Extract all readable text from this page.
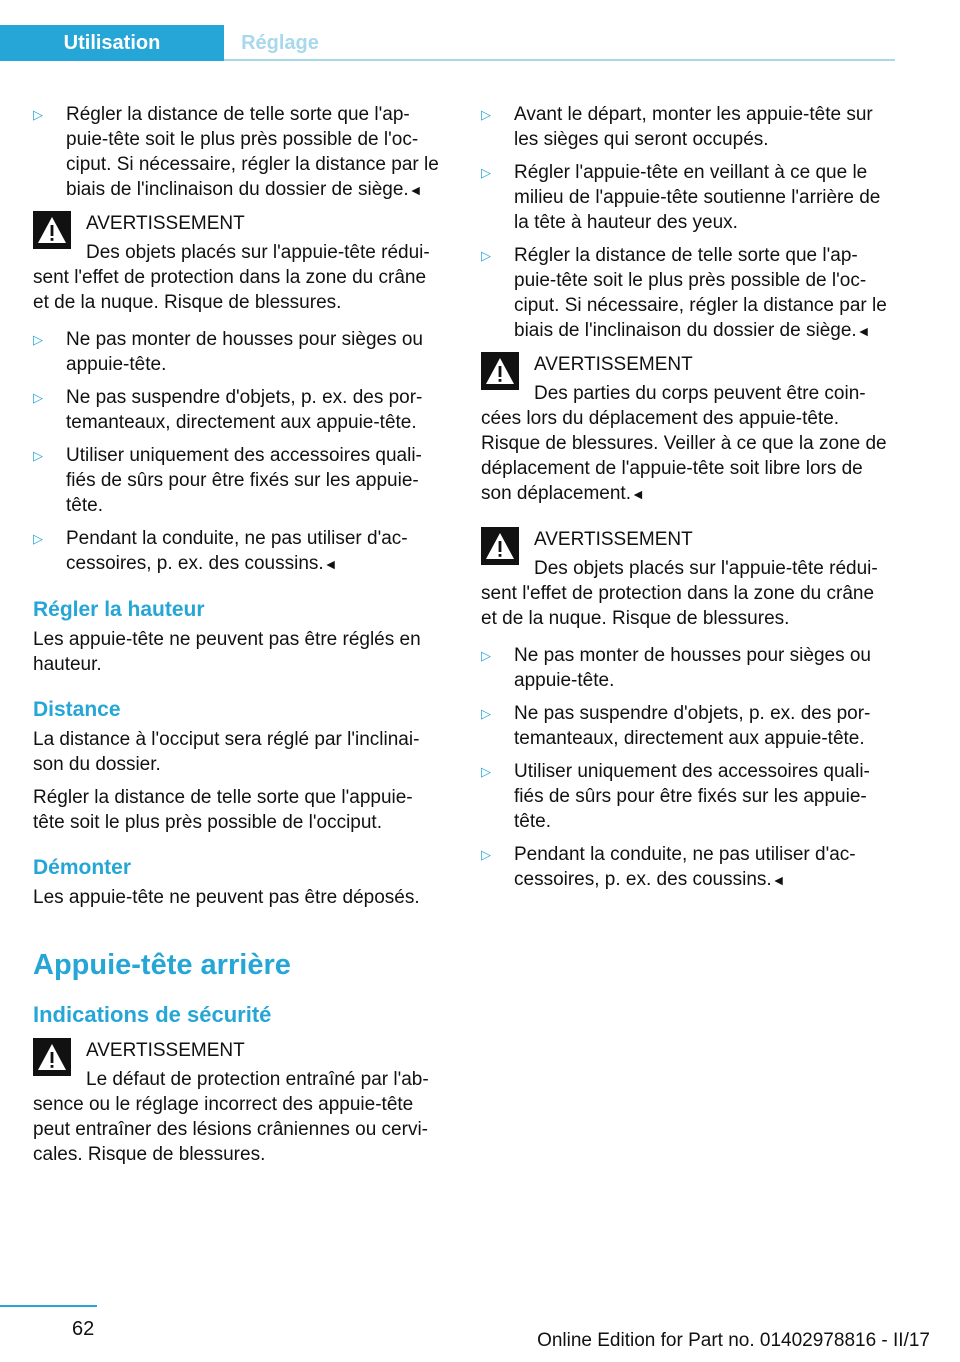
Utilisation	Réglage
▷ Régler la distance de telle sorte que l'ap‐ puie-tête soit le plus près possible de l'oc‐ ciput. Si nécessaire, régler la distance par le biais de l'inclinaison du dossier de siège.◄
AVERTISSEMENT

Des objets placés sur l'appuie-tête rédui‐ sent l'effet de protection dans la zone du crâne et de la nuque. Risque de blessures.

▷ Ne pas monter de housses pour sièges ou appuie-tête.
▷ Ne pas suspendre d'objets, p. ex. des por‐ temanteaux, directement aux appuie-tête.
▷ Utiliser uniquement des accessoires quali‐ fiés de sûrs pour être fixés sur les appuie- tête.
▷ Pendant la conduite, ne pas utiliser d'ac‐ cessoires, p. ex. des coussins.◄
Régler la hauteur

Les appuie-tête ne peuvent pas être réglés en hauteur.

Distance

La distance à l'occiput sera réglé par l'inclinai‐ son du dossier.

Régler la distance de telle sorte que l'appuie- tête soit le plus près possible de l'occiput.

Démonter

Les appuie-tête ne peuvent pas être déposés.

Appuie-tête arrière
Indications de sécurité
AVERTISSEMENT

Le défaut de protection entraîné par l'ab‐ sence ou le réglage incorrect des appuie-tête peut entraîner des lésions crâniennes ou cervi‐ cales. Risque de blessures.

▷ Avant le départ, monter les appuie-tête sur les sièges qui seront occupés.
▷ Régler l'appuie-tête en veillant à ce que le milieu de l'appuie-tête soutienne l'arrière de la tête à hauteur des yeux.
▷ Régler la distance de telle sorte que l'ap‐ puie-tête soit le plus près possible de l'oc‐ ciput. Si nécessaire, régler la distance par le biais de l'inclinaison du dossier de siège.◄
AVERTISSEMENT

Des parties du corps peuvent être coin‐ cées lors du déplacement des appuie-tête. Risque de blessures. Veiller à ce que la zone de déplacement de l'appuie-tête soit libre lors de son déplacement.◄

AVERTISSEMENT

Des objets placés sur l'appuie-tête rédui‐ sent l'effet de protection dans la zone du crâne et de la nuque. Risque de blessures.

▷ Ne pas monter de housses pour sièges ou appuie-tête.
▷ Ne pas suspendre d'objets, p. ex. des por‐ temanteaux, directement aux appuie-tête.
▷ Utiliser uniquement des accessoires quali‐ fiés de sûrs pour être fixés sur les appuie- tête.
▷ Pendant la conduite, ne pas utiliser d'ac‐ cessoires, p. ex. des coussins.◄
62
Online Edition for Part no. 01402978816 - II/17
